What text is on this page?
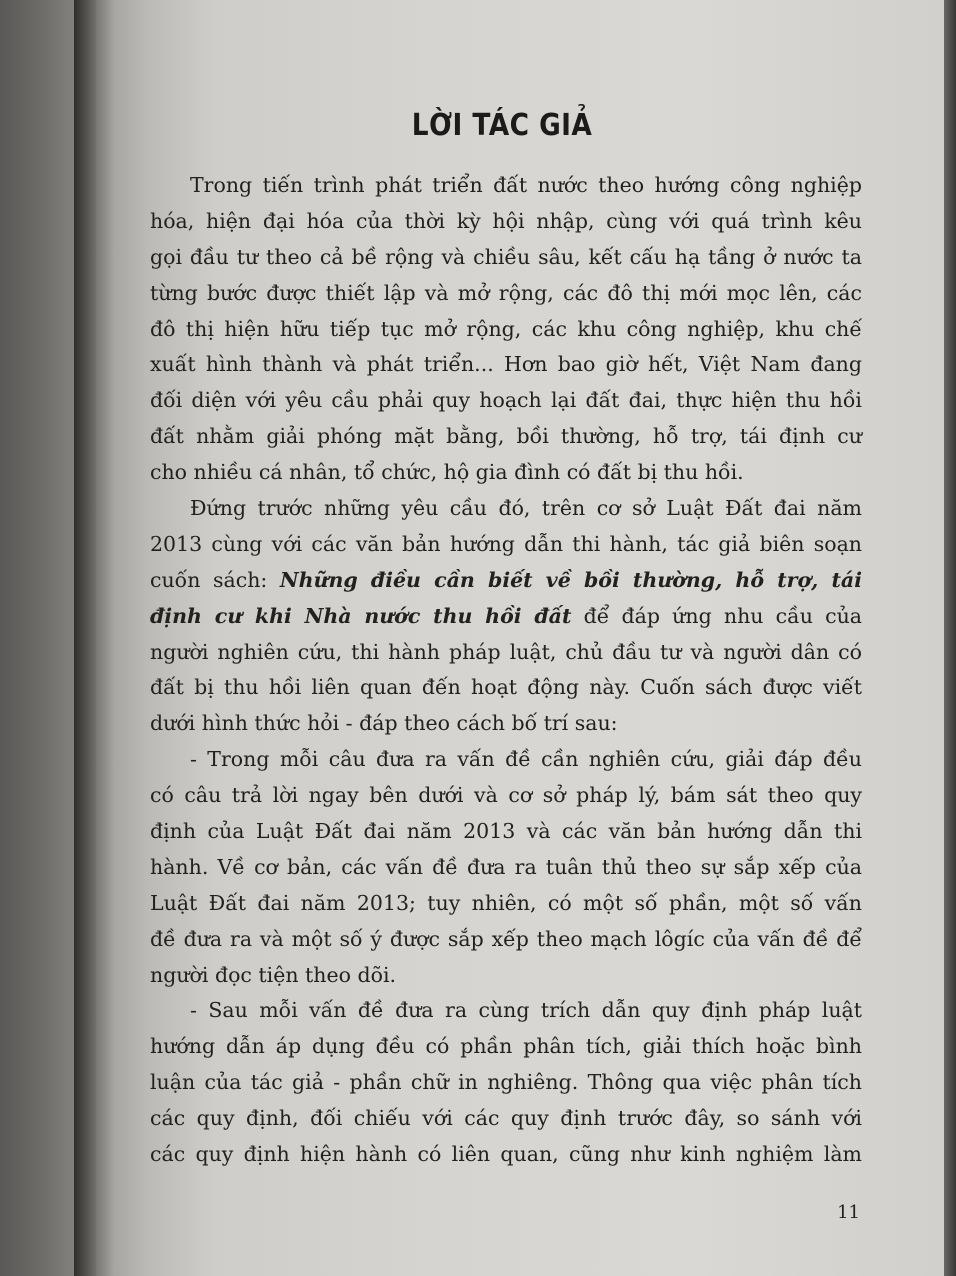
LỜI TÁC GIẢ
Trong tiến trình phát triển đất nước theo hướng công nghiệp
hóa, hiện đại hóa của thời kỳ hội nhập, cùng với quá trình kêu
gọi đầu tư theo cả bề rộng và chiều sâu, kết cấu hạ tầng ở nước ta
từng bước được thiết lập và mở rộng, các đô thị mới mọc lên, các
đô thị hiện hữu tiếp tục mở rộng, các khu công nghiệp, khu chế
xuất hình thành và phát triển... Hơn bao giờ hết, Việt Nam đang
đối diện với yêu cầu phải quy hoạch lại đất đai, thực hiện thu hồi
đất nhằm giải phóng mặt bằng, bồi thường, hỗ trợ, tái định cư
cho nhiều cá nhân, tổ chức, hộ gia đình có đất bị thu hồi.
Đứng trước những yêu cầu đó, trên cơ sở Luật Đất đai năm
2013 cùng với các văn bản hướng dẫn thi hành, tác giả biên soạn
cuốn sách: Những điều cần biết về bồi thường, hỗ trợ, tái
định cư khi Nhà nước thu hồi đất để đáp ứng nhu cầu của
người nghiên cứu, thi hành pháp luật, chủ đầu tư và người dân có
đất bị thu hồi liên quan đến hoạt động này. Cuốn sách được viết
dưới hình thức hỏi - đáp theo cách bố trí sau:
- Trong mỗi câu đưa ra vấn đề cần nghiên cứu, giải đáp đều
có câu trả lời ngay bên dưới và cơ sở pháp lý, bám sát theo quy
định của Luật Đất đai năm 2013 và các văn bản hướng dẫn thi
hành. Về cơ bản, các vấn đề đưa ra tuân thủ theo sự sắp xếp của
Luật Đất đai năm 2013; tuy nhiên, có một số phần, một số vấn
đề đưa ra và một số ý được sắp xếp theo mạch lôgíc của vấn đề để
người đọc tiện theo dõi.
- Sau mỗi vấn đề đưa ra cùng trích dẫn quy định pháp luật
hướng dẫn áp dụng đều có phần phân tích, giải thích hoặc bình
luận của tác giả - phần chữ in nghiêng. Thông qua việc phân tích
các quy định, đối chiếu với các quy định trước đây, so sánh với
các quy định hiện hành có liên quan, cũng như kinh nghiệm làm
11
